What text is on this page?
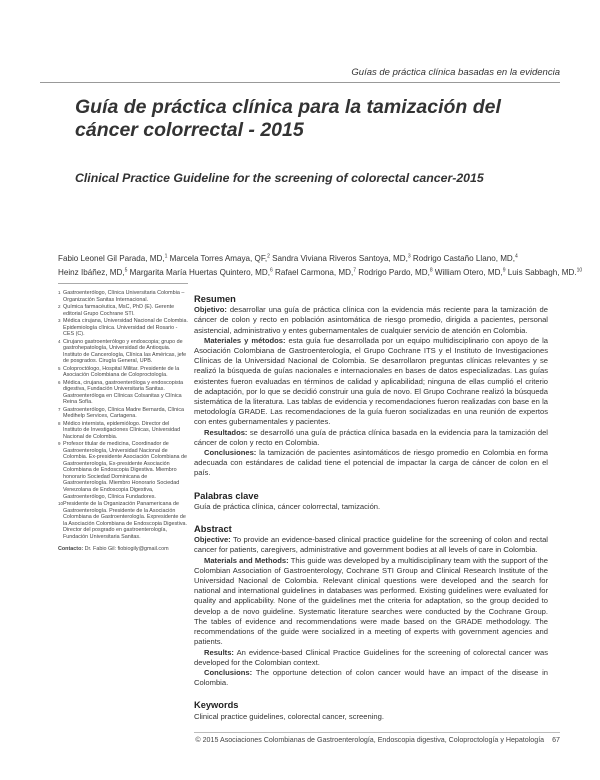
Guías de práctica clínica basadas en la evidencia
Guía de práctica clínica para la tamización del cáncer colorrectal - 2015
Clinical Practice Guideline for the screening of colorectal cancer-2015
Fabio Leonel Gil Parada, MD,$^1$ Marcela Torres Amaya, QF,$^2$ Sandra Viviana Riveros Santoya, MD,$^3$ Rodrigo Castaño Llano, MD,$^4$
Heinz Ibáñez, MD,$^5$ Margarita María Huertas Quintero, MD,$^6$ Rafael Carmona, MD,$^7$ Rodrigo Pardo, MD,$^8$ William Otero, MD,$^9$ Luis Sabbagh, MD.$^{10}$
1 Gastroenterólogo, Clínica Universitaria Colombia – Organización Sanitas Internacional.
2 Química farmacéutica, MsC, PhD (E). Gerente editorial Grupo Cochrane STI.
3 Médica cirujana, Universidad Nacional de Colombia. Epidemiología clínica. Universidad del Rosario - CES (C).
4 Cirujano gastroenterólogo y endoscopia; grupo de gastrohepatología, Universidad de Antioquia. Instituto de Cancerología, Clínica las Américas, jefe de posgrados. Cirugía General, UPB.
5 Coloproctólogo, Hospital Militar. Presidente de la Asociación Colombiana de Coloproctología.
6 Médica, cirujana, gastroenteróloga y endoscopista digestiva, Fundación Universitaria Sanitas. Gastroenteróloga en Clínicas Colsanitas y Clínica Reina Sofía.
7 Gastroenterólogo, Clínica Madre Bernarda, Clínica Medihelp Services, Cartagena.
8 Médico internista, epidemiólogo. Director del Instituto de Investigaciones Clínicas, Universidad Nacional de Colombia.
9 Profesor titular de medicina, Coordinador de Gastroenterología, Universidad Nacional de Colombia. Ex-presidente Asociación Colombiana de Gastroenterología, Ex-presidente Asociación Colombiana de Endoscopia Digestiva. Miembro honorario Sociedad Dominicana de Gastroenterología. Miembro Honorario Sociedad Venezolana de Endoscopia Digestiva, Gastroenterólogo, Clínica Fundadores.
10 Presidente de la Organización Panamericana de Gastroenterología. Presidente de la Asociación Colombiana de Gastroenterología. Expresidente de la Asociación Colombiana de Endoscopia Digestiva. Director del posgrado en gastroenterología, Fundación Universitaria Sanitas.
Contacto: Dr. Fabio Gil: fiobiogily@gmail.com
Resumen
Objetivo: desarrollar una guía de práctica clínica con la evidencia más reciente para la tamización de cáncer de colon y recto en población asintomática de riesgo promedio, dirigida a pacientes, personal asistencial, administrativo y entes gubernamentales de cualquier servicio de atención en Colombia.
Materiales y métodos: esta guía fue desarrollada por un equipo multidisciplinario con apoyo de la Asociación Colombiana de Gastroenterología, el Grupo Cochrane ITS y el Instituto de Investigaciones Clínicas de la Universidad Nacional de Colombia. Se desarrollaron preguntas clínicas relevantes y se realizó la búsqueda de guías nacionales e internacionales en bases de datos especializadas. Las guías existentes fueron evaluadas en términos de calidad y aplicabilidad; ninguna de ellas cumplió el criterio de adaptación, por lo que se decidió construir una guía de novo. El Grupo Cochrane realizó la búsqueda sistemática de la literatura. Las tablas de evidencia y recomendaciones fueron realizadas con base en la metodología GRADE. Las recomendaciones de la guía fueron socializadas en una reunión de expertos con entes gubernamentales y pacientes.
Resultados: se desarrolló una guía de práctica clínica basada en la evidencia para la tamización del cáncer de colon y recto en Colombia.
Conclusiones: la tamización de pacientes asintomáticos de riesgo promedio en Colombia en forma adecuada con estándares de calidad tiene el potencial de impactar la carga de cáncer de colon en el país.
Palabras clave
Guía de práctica clínica, cáncer colorrectal, tamización.
Abstract
Objective: To provide an evidence-based clinical practice guideline for the screening of colon and rectal cancer for patients, caregivers, administrative and government bodies at all levels of care in Colombia.
Materials and Methods: This guide was developed by a multidisciplinary team with the support of the Colombian Association of Gastroenterology, Cochrane STI Group and Clinical Research Institute of the Universidad Nacional de Colombia. Relevant clinical questions were developed and the search for national and international guidelines in databases was performed. Existing guidelines were evaluated for quality and applicability. None of the guidelines met the criteria for adaptation, so the group decided to develop a de novo guideline. Systematic literature searches were conducted by the Cochrane Group. The tables of evidence and recommendations were made based on the GRADE methodology. The recommendations of the guide were socialized in a meeting of experts with government agencies and patients.
Results: An evidence-based Clinical Practice Guidelines for the screening of colorectal cancer was developed for the Colombian context.
Conclusions: The opportune detection of colon cancer would have an impact of the disease in Colombia.
Keywords
Clinical practice guidelines, colorectal cancer, screening.
© 2015 Asociaciones Colombianas de Gastroenterología, Endoscopia digestiva, Coloproctología y Hepatología 67
